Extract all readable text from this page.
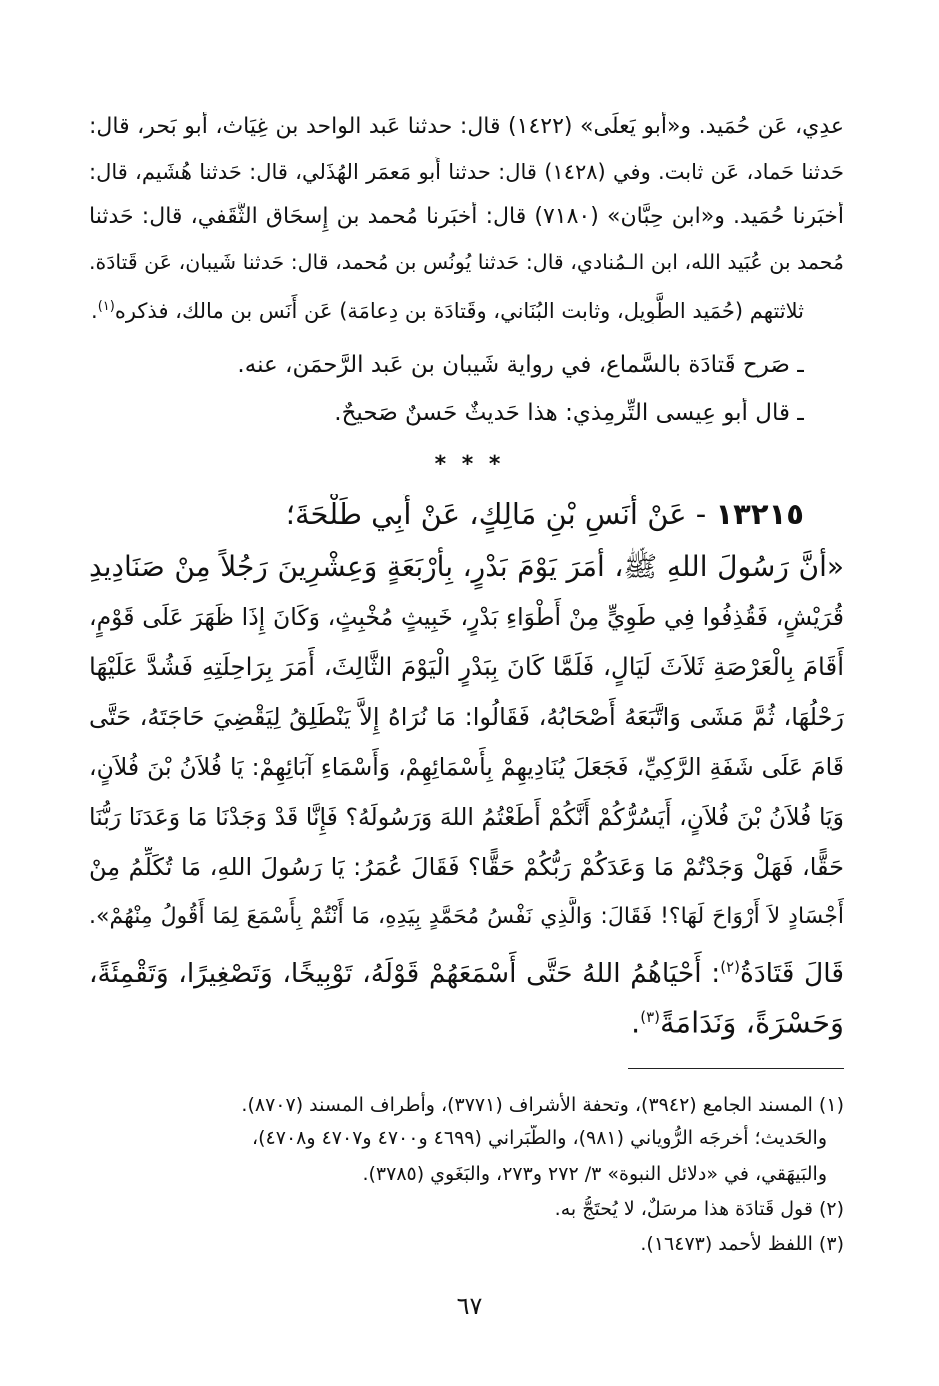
عدِي، عَن حُمَيد. و«أَبو يَعلَى» (١٤٢٢) قال: حدثنا عَبد الواحد بن غِيَاث، أَبو بَحر، قال:
حَدثنا حَماد، عَن ثابت. وفي (١٤٢٨) قال: حدثنا أَبو مَعمَر الهُذَلي، قال: حَدثنا هُشَيم، قال:
أَخبَرنا حُمَيد. و«ابن حِبَّان» (٧١٨٠) قال: أَخبَرنا مُحمد بن إِسحَاق الثَّقَفي، قال: حَدثنا
مُحمد بن عُبَيد الله، ابن الـمُنادي، قال: حَدثنا يُونُس بن مُحمد، قال: حَدثنا شَيبان، عَن قَتادَة.
ثلاثتهم (حُمَيد الطَّوِيل، وثابت البُنَاني، وقَتادَة بن دِعامَة) عَن أَنَس بن مالك، فذكره$^{(١)}$.
ـ صَرح قَتادَة بالسَّماع، في رواية شَيبان بن عَبد الرَّحمَن، عنه.
ـ قال أَبو عِيسى التِّرمِذي: هذا حَديثٌ حَسنٌ صَحيحٌ.
* * *
١٣٢١٥ - عَنْ أَنَسِ بْنِ مَالِكٍ، عَنْ أَبِي طَلْحَةَ؛
«أَنَّ رَسُولَ اللهِ ﷺ، أَمَرَ يَوْمَ بَدْرٍ، بِأَرْبَعَةٍ وَعِشْرِينَ رَجُلاً مِنْ صَنَادِيدِ
قُرَيْشٍ، فَقُذِفُوا فِي طَوِيٍّ مِنْ أَطْوَاءِ بَدْرٍ، خَبِيثٍ مُخْبِثٍ، وَكَانَ إِذَا ظَهَرَ عَلَى قَوْمٍ،
أَقَامَ بِالْعَرْصَةِ ثَلاَثَ لَيَالٍ، فَلَمَّا كَانَ بِبَدْرٍ الْيَوْمَ الثَّالِثَ، أَمَرَ بِرَاحِلَتِهِ فَشُدَّ عَلَيْهَا
رَحْلُهَا، ثُمَّ مَشَى وَاتَّبَعَهُ أَصْحَابُهُ، فَقَالُوا: مَا نُرَاهُ إِلاَّ يَنْطَلِقُ لِيَقْضِيَ حَاجَتَهُ، حَتَّى
قَامَ عَلَى شَفَةِ الرَّكِيِّ، فَجَعَلَ يُنَادِيهِمْ بِأَسْمَائِهِمْ، وَأَسْمَاءِ آبَائِهِمْ: يَا فُلاَنُ بْنَ فُلاَنٍ،
وَيَا فُلاَنُ بْنَ فُلاَنٍ، أَيَسُرُّكُمْ أَنَّكُمْ أَطَعْتُمُ اللهَ وَرَسُولَهُ؟ فَإِنَّا قَدْ وَجَدْنَا مَا وَعَدَنَا رَبُّنَا
حَقًّا، فَهَلْ وَجَدْتُمْ مَا وَعَدَكُمْ رَبُّكُمْ حَقًّا؟ فَقَالَ عُمَرُ: يَا رَسُولَ اللهِ، مَا تُكَلِّمُ مِنْ
أَجْسَادٍ لاَ أَرْوَاحَ لَهَا؟! فَقَالَ: وَالَّذِي نَفْسُ مُحَمَّدٍ بِيَدِهِ، مَا أَنْتُمْ بِأَسْمَعَ لِمَا أَقُولُ مِنْهُمْ».
قَالَ قَتَادَةُ$^{(٢)}$: أَحْيَاهُمُ اللهُ حَتَّى أَسْمَعَهُمْ قَوْلَهُ، تَوْبِيخًا، وَتَصْغِيرًا، وَتَقْمِئَةً،
وَحَسْرَةً، وَنَدَامَةً$^{(٣)}$.
(١) المسند الجامع (٣٩٤٢)، وتحفة الأشراف (٣٧٧١)، وأطراف المسند (٨٧٠٧).
والحَديث؛ أَخرجَه الرُّوياني (٩٨١)، والطَّبَراني (٤٦٩٩ و٤٧٠٠ و٤٧٠٧ و٤٧٠٨)،
والبَيهَقي، في «دلائل النبوة» ٣/ ٢٧٢ و٢٧٣، والبَغَوي (٣٧٨٥).
(٢) قول قَتادَة هذا مرسَلٌ، لا يُحتَجُّ به.
(٣) اللفظ لأحمد (١٦٤٧٣).
٦٧
